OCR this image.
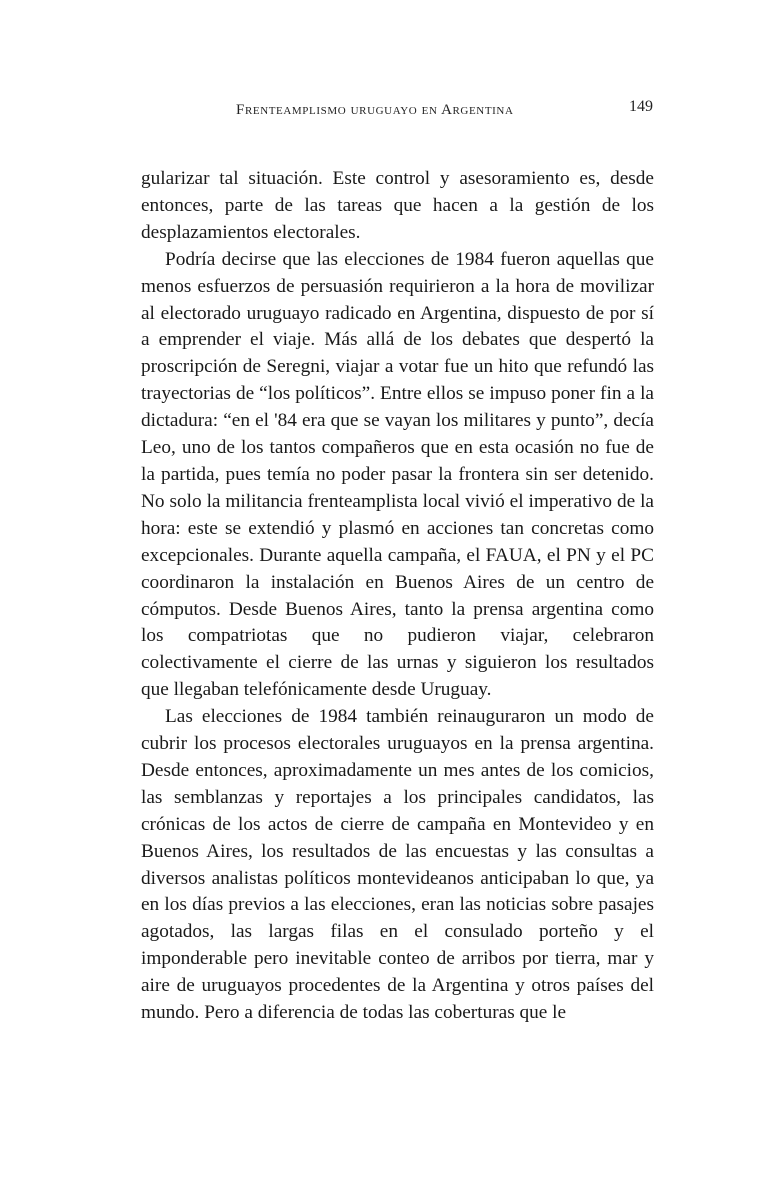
Frenteamplismo uruguayo en Argentina	149

gularizar tal situación. Este control y asesoramiento es, desde entonces, parte de las tareas que hacen a la gestión de los desplazamientos electorales.

Podría decirse que las elecciones de 1984 fueron aquellas que menos esfuerzos de persuasión requirieron a la hora de movilizar al electorado uruguayo radicado en Argentina, dispuesto de por sí a emprender el viaje. Más allá de los debates que despertó la proscripción de Seregni, viajar a votar fue un hito que refundó las trayectorias de “los políticos”. Entre ellos se impuso poner fin a la dictadura: “en el '84 era que se vayan los militares y punto”, decía Leo, uno de los tantos compañeros que en esta ocasión no fue de la partida, pues temía no poder pasar la frontera sin ser detenido. No solo la militancia frenteamplista local vivió el imperativo de la hora: este se extendió y plasmó en acciones tan concretas como excepcionales. Durante aquella campaña, el FAUA, el PN y el PC coordinaron la instalación en Buenos Aires de un centro de cómputos. Desde Buenos Aires, tanto la prensa argentina como los compatriotas que no pudieron viajar, celebraron colectivamente el cierre de las urnas y siguieron los resultados que llegaban telefónicamente desde Uruguay.

Las elecciones de 1984 también reinauguraron un modo de cubrir los procesos electorales uruguayos en la prensa argentina. Desde entonces, aproximadamente un mes antes de los comicios, las semblanzas y reportajes a los principales candidatos, las crónicas de los actos de cierre de campaña en Montevideo y en Buenos Aires, los resultados de las encuestas y las consultas a diversos analistas políticos montevideanos anticipaban lo que, ya en los días previos a las elecciones, eran las noticias sobre pasajes agotados, las largas filas en el consulado porteño y el imponderable pero inevitable conteo de arribos por tierra, mar y aire de uruguayos procedentes de la Argentina y otros países del mundo. Pero a diferencia de todas las coberturas que le
